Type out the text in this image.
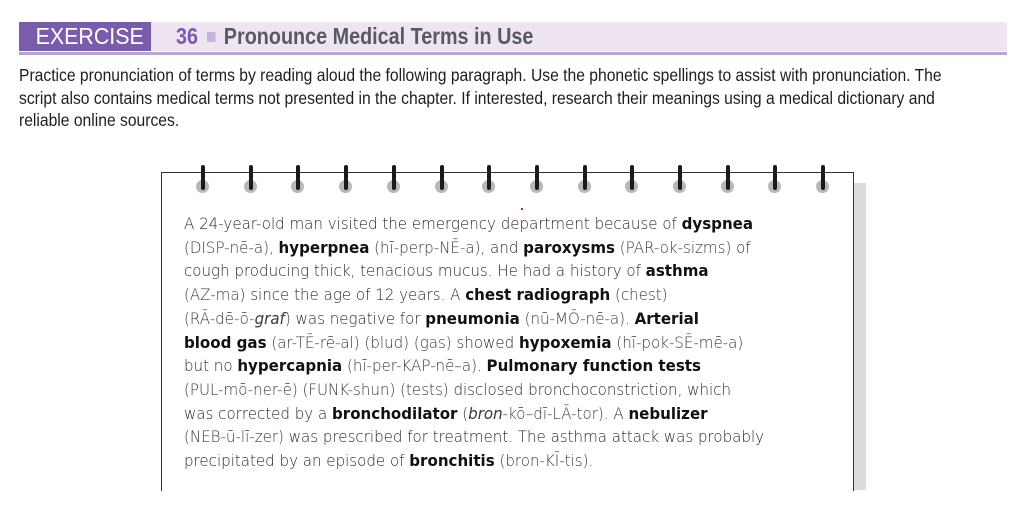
EXERCISE	36 Pronounce Medical Terms in Use
Practice pronunciation of terms by reading aloud the following paragraph. Use the phonetic spellings to assist with pronunciation. The
script also contains medical terms not presented in the chapter. If interested, research their meanings using a medical dictionary and
reliable online sources.
A 24-year-old man visited the emergency department because of dyspnea
(DISP-nē-a), hyperpnea (hī-perp-NĒ-a), and paroxysms (PAR-ok-sizms) of
cough producing thick, tenacious mucus. He had a history of asthma
(AZ-ma) since the age of 12 years. A chest radiograph (chest)
(RĀ-dē-ō-graf) was negative for pneumonia (nū-MŌ-nē-a). Arterial
blood gas (ar-TĒ-rē-al) (blud) (gas) showed hypoxemia (hī-pok-SĒ-mē-a)
but no hypercapnia (hī-per-KAP-nē–a). Pulmonary function tests
(PUL-mō-ner-ē) (FUNK-shun) (tests) disclosed bronchoconstriction, which
was corrected by a bronchodilator (bron-kō–dī-LĀ-tor). A nebulizer
(NEB-ū-lī-zer) was prescribed for treatment. The asthma attack was probably
precipitated by an episode of bronchitis (bron-KĪ-tis).
